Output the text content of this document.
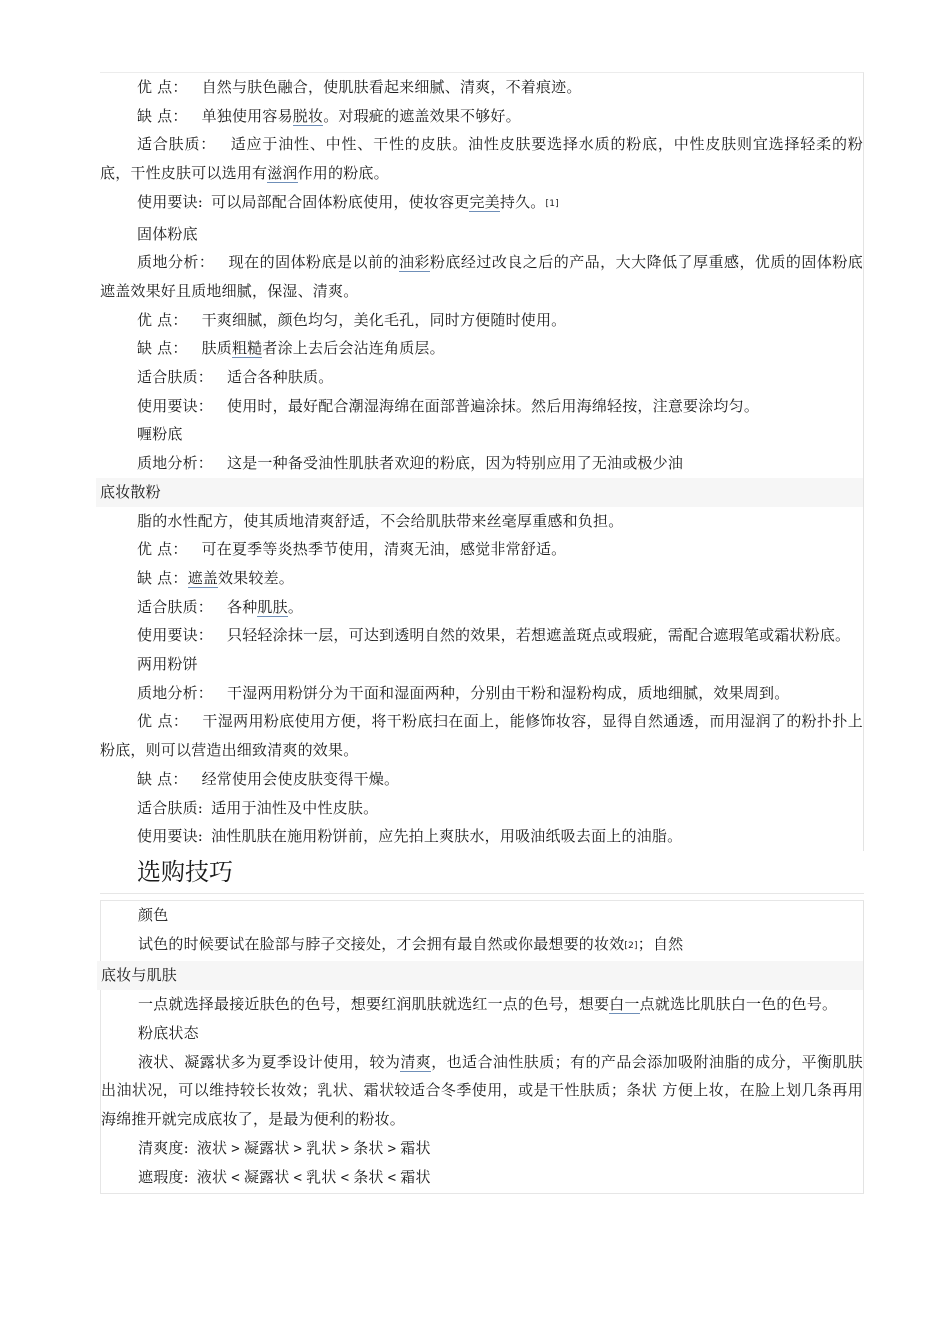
优 点： 自然与肤色融合，使肌肤看起来细腻、清爽，不着痕迹。

缺 点： 单独使用容易脱妆。对瑕疵的遮盖效果不够好。

适合肤质： 适应于油性、中性、干性的皮肤。油性皮肤要选择水质的粉底，中性皮肤则宜选择轻柔的粉底，干性皮肤可以选用有滋润作用的粉底。

使用要诀: 可以局部配合固体粉底使用，使妆容更完美持久。[1]

固体粉底

质地分析： 现在的固体粉底是以前的油彩粉底经过改良之后的产品，大大降低了厚重感，优质的固体粉底遮盖效果好且质地细腻，保湿、清爽。

优 点： 干爽细腻，颜色均匀，美化毛孔，同时方便随时使用。

缺 点： 肤质粗糙者涂上去后会沾连角质层。

适合肤质： 适合各种肤质。

使用要诀： 使用时，最好配合潮湿海绵在面部普遍涂抹。然后用海绵轻按，注意要涂均匀。

喱粉底

质地分析： 这是一种备受油性肌肤者欢迎的粉底，因为特别应用了无油或极少油

底妆散粉

脂的水性配方，使其质地清爽舒适，不会给肌肤带来丝毫厚重感和负担。

优 点： 可在夏季等炎热季节使用，清爽无油，感觉非常舒适。

缺 点：遮盖效果较差。

适合肤质： 各种肌肤。

使用要诀： 只轻轻涂抹一层，可达到透明自然的效果，若想遮盖斑点或瑕疵，需配合遮瑕笔或霜状粉底。

两用粉饼

质地分析： 干湿两用粉饼分为干面和湿面两种，分别由干粉和湿粉构成，质地细腻，效果周到。

优 点： 干湿两用粉底使用方便，将干粉底扫在面上，能修饰妆容，显得自然通透，而用湿润了的粉扑扑上粉底，则可以营造出细致清爽的效果。

缺 点： 经常使用会使皮肤变得干燥。

适合肤质: 适用于油性及中性皮肤。

使用要诀: 油性肌肤在施用粉饼前，应先拍上爽肤水，用吸油纸吸去面上的油脂。

选购技巧

颜色

试色的时候要试在脸部与脖子交接处，才会拥有最自然或你最想要的妆效[2]；自然

底妆与肌肤

一点就选择最接近肤色的色号，想要红润肌肤就选红一点的色号，想要白一点就选比肌肤白一色的色号。

粉底状态

液状、凝露状多为夏季设计使用，较为清爽，也适合油性肤质；有的产品会添加吸附油脂的成分，平衡肌肤出油状况，可以维持较长妆效；乳状、霜状较适合冬季使用，或是干性肤质；条状 方便上妆，在脸上划几条再用海绵推开就完成底妆了，是最为便利的粉妆。

清爽度: 液状 > 凝露状 > 乳状 > 条状 > 霜状

遮瑕度: 液状 < 凝露状 < 乳状 < 条状 < 霜状
